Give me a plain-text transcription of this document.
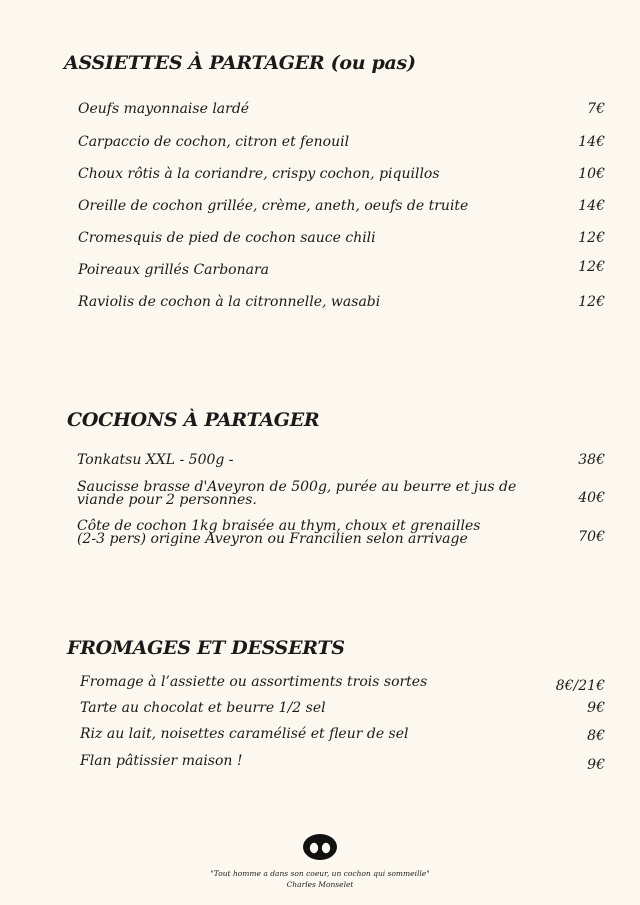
ASSIETTES À PARTAGER (ou pas)
Oeufs mayonnaise lardé	7€
Carpaccio de cochon, citron et fenouil	14€
Choux rôtis à la coriandre, crispy cochon, piquillos	10€
Oreille de cochon grillée, crème, aneth, oeufs de truite	14€
Cromesquis de pied de cochon sauce chili	12€
Poireaux grillés Carbonara	12€
Raviolis de cochon à la citronnelle, wasabi	12€
COCHONS À PARTAGER
Tonkatsu XXL - 500g -	38€
Saucisse brasse d'Aveyron de 500g, purée au beurre et jus de
viande pour 2 personnes.	40€
Côte de cochon 1kg braisée au thym, choux et grenailles
(2-3 pers) origine Aveyron ou Francilien selon arrivage	70€
FROMAGES ET DESSERTS
Fromage à l’assiette ou assortiments trois sortes	8€/21€
Tarte au chocolat et beurre 1/2 sel	9€
Riz au lait, noisettes caramélisé et fleur de sel	8€
Flan pâtissier maison !	9€
"Tout homme a dans son coeur, un cochon qui sommeille"
Charles Monselet
